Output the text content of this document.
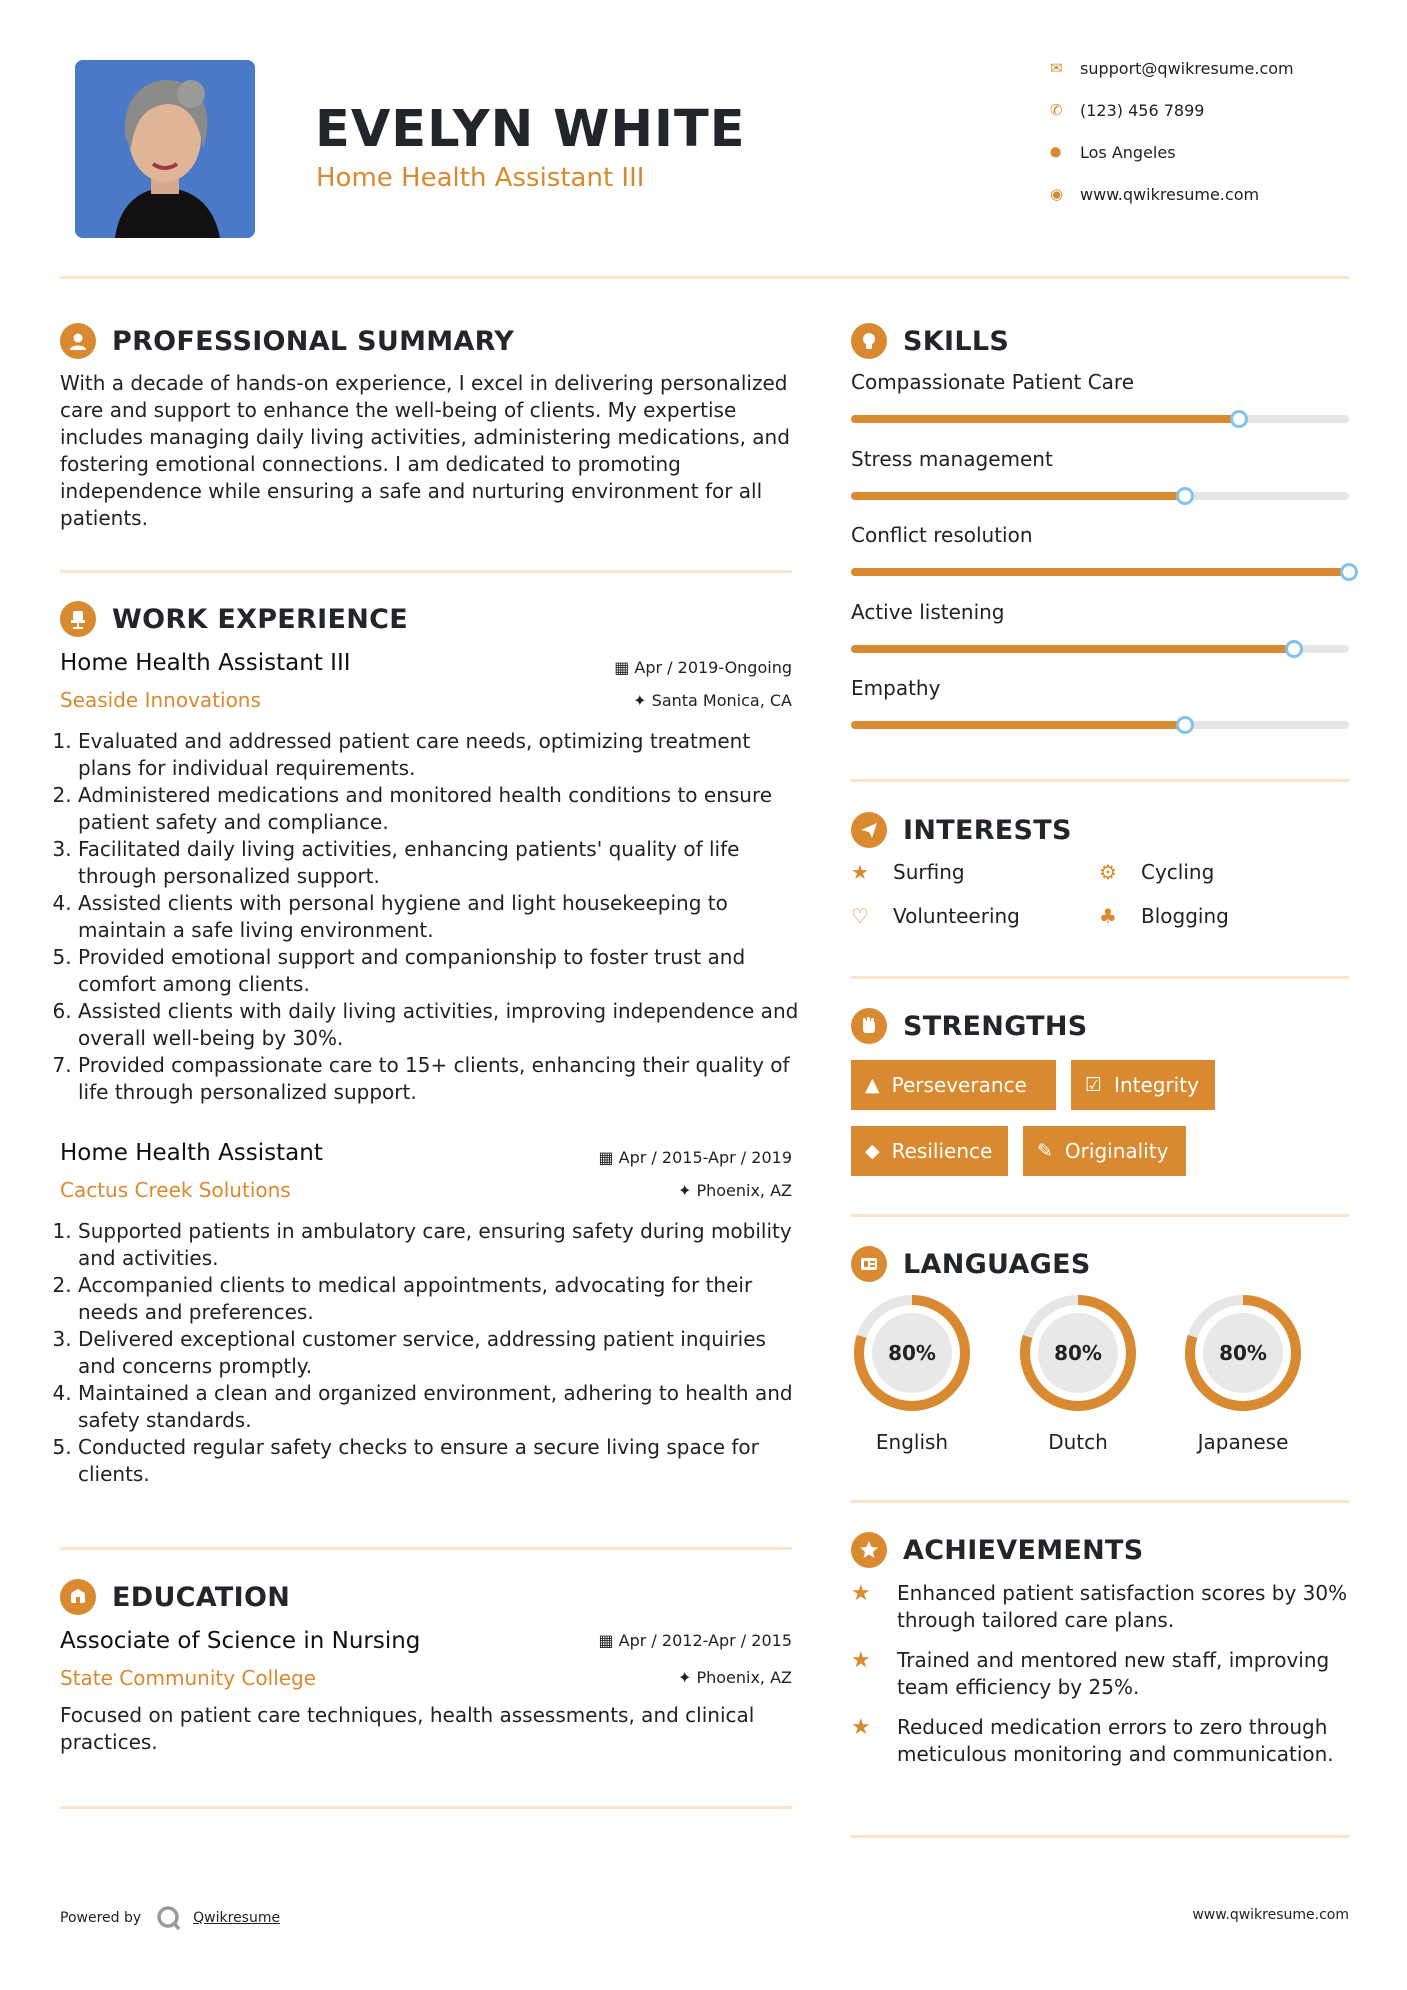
EVELYN WHITE
Home Health Assistant III
✉	support@qwikresume.com
✆	(123) 456 7899
⬤	Los Angeles
◉	www.qwikresume.com
PROFESSIONAL SUMMARY
With a decade of hands-on experience, I excel in delivering personalized care and support to enhance the well-being of clients. My expertise includes managing daily living activities, administering medications, and fostering emotional connections. I am dedicated to promoting independence while ensuring a safe and nurturing environment for all patients.
WORK EXPERIENCE
Home Health Assistant III	▦ Apr / 2019-Ongoing
Seaside Innovations	✦ Santa Monica, CA
1. Evaluated and addressed patient care needs, optimizing treatment plans for individual requirements.
2. Administered medications and monitored health conditions to ensure patient safety and compliance.
3. Facilitated daily living activities, enhancing patients' quality of life through personalized support.
4. Assisted clients with personal hygiene and light housekeeping to maintain a safe living environment.
5. Provided emotional support and companionship to foster trust and comfort among clients.
6. Assisted clients with daily living activities, improving independence and overall well-being by 30%.
7. Provided compassionate care to 15+ clients, enhancing their quality of life through personalized support.
Home Health Assistant	▦ Apr / 2015-Apr / 2019
Cactus Creek Solutions	✦ Phoenix, AZ
1. Supported patients in ambulatory care, ensuring safety during mobility and activities.
2. Accompanied clients to medical appointments, advocating for their needs and preferences.
3. Delivered exceptional customer service, addressing patient inquiries and concerns promptly.
4. Maintained a clean and organized environment, adhering to health and safety standards.
5. Conducted regular safety checks to ensure a secure living space for clients.
EDUCATION
Associate of Science in Nursing	▦ Apr / 2012-Apr / 2015
State Community College	✦ Phoenix, AZ
Focused on patient care techniques, health assessments, and clinical practices.
SKILLS
INTERESTS
★	Surfing	⚙	Cycling
♡	Volunteering	♣	Blogging
STRENGTHS
▲ Perseverance	☑ Integrity
◆ Resilience ✎ Originality
LANGUAGES
ACHIEVEMENTS
★	Enhanced patient satisfaction scores by 30% through tailored care plans.
★	Trained and mentored new staff, improving team efficiency by 25%.
★	Reduced medication errors to zero through meticulous monitoring and communication.
Powered by	Qwikresume	www.qwikresume.com
Compassionate Patient Care
Stress management
Conflict resolution
Active listening
Empathy
80%
English
80%
Dutch
80%
Japanese
